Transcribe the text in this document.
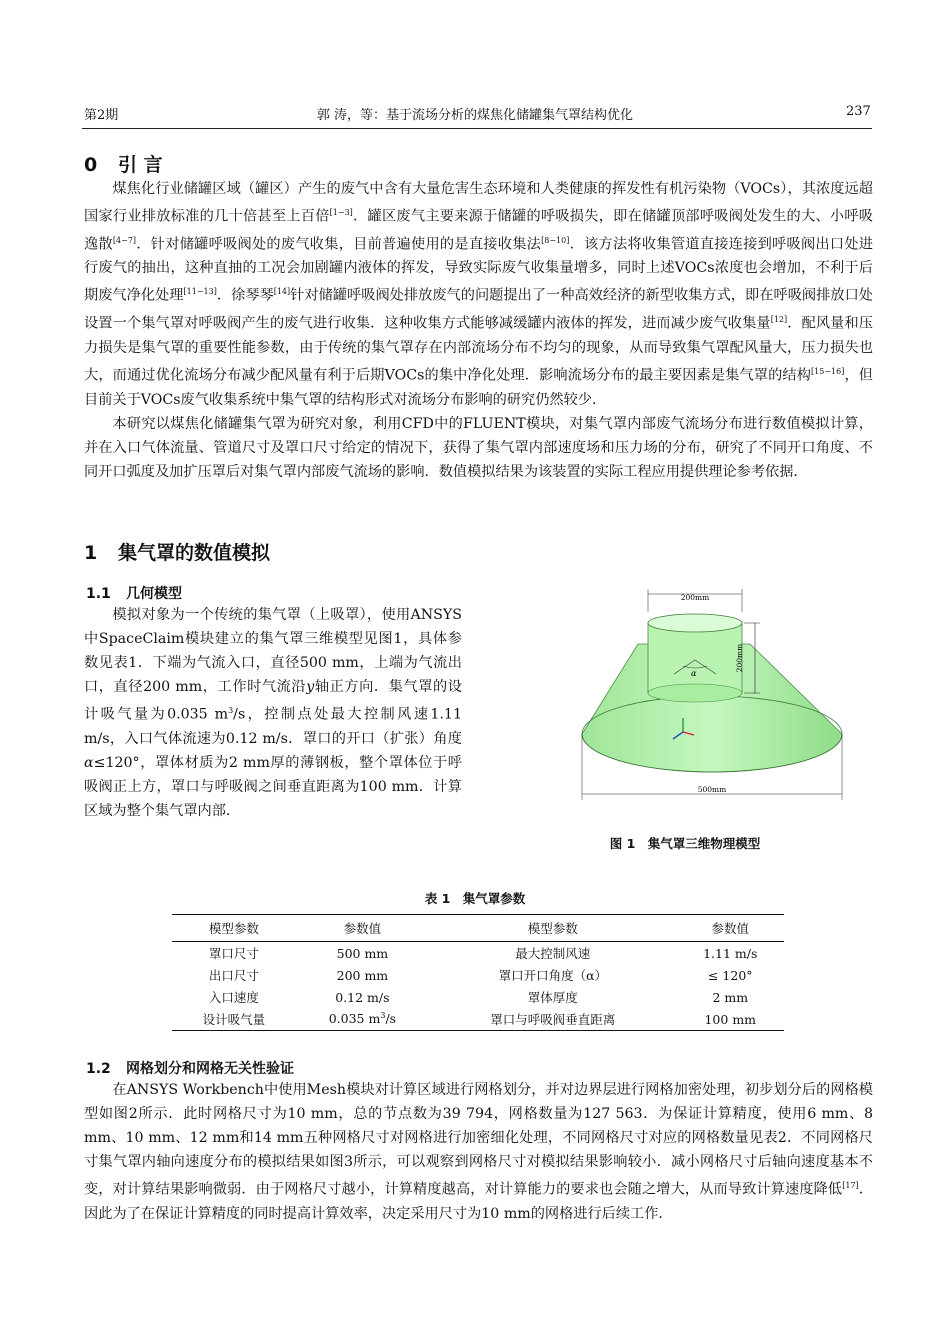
第2期	郭 涛，等：基于流场分析的煤焦化储罐集气罩结构优化	237
0 引 言

煤焦化行业储罐区域（罐区）产生的废气中含有大量危害生态环境和人类健康的挥发性有机污染物（VOCs），其浓度远超国家行业排放标准的几十倍甚至上百倍[1−3]．罐区废气主要来源于储罐的呼吸损失，即在储罐顶部呼吸阀处发生的大、小呼吸逸散[4−7]．针对储罐呼吸阀处的废气收集，目前普遍使用的是直接收集法[8−10]．该方法将收集管道直接连接到呼吸阀出口处进行废气的抽出，这种直抽的工况会加剧罐内液体的挥发，导致实际废气收集量增多，同时上述VOCs浓度也会增加，不利于后期废气净化处理[11−13]．徐琴琴[14]针对储罐呼吸阀处排放废气的问题提出了一种高效经济的新型收集方式，即在呼吸阀排放口处设置一个集气罩对呼吸阀产生的废气进行收集．这种收集方式能够减缓罐内液体的挥发，进而减少废气收集量[12]．配风量和压力损失是集气罩的重要性能参数，由于传统的集气罩存在内部流场分布不均匀的现象，从而导致集气罩配风量大，压力损失也大，而通过优化流场分布减少配风量有利于后期VOCs的集中净化处理．影响流场分布的最主要因素是集气罩的结构[15−16]，但目前关于VOCs废气收集系统中集气罩的结构形式对流场分布影响的研究仍然较少．

本研究以煤焦化储罐集气罩为研究对象，利用CFD中的FLUENT模块，对集气罩内部废气流场分布进行数值模拟计算，并在入口气体流量、管道尺寸及罩口尺寸给定的情况下，获得了集气罩内部速度场和压力场的分布，研究了不同开口角度、不同开口弧度及加扩压罩后对集气罩内部废气流场的影响．数值模拟结果为该装置的实际工程应用提供理论参考依据．

1 集气罩的数值模拟
1.1 几何模型

模拟对象为一个传统的集气罩（上吸罩），使用ANSYS中SpaceClaim模块建立的集气罩三维模型见图1，具体参数见表1．下端为气流入口，直径500 mm，上端为气流出口，直径200 mm，工作时气流沿y轴正方向．集气罩的设计吸气量为0.035 $m^3/s$，控制点处最大控制风速1.11 m/s，入口气体流速为0.12 m/s．罩口的开口（扩张）角度α≤120°，罩体材质为2 mm厚的薄钢板，整个罩体位于呼吸阀正上方，罩口与呼吸阀之间垂直距离为100 mm．计算区域为整个集气罩内部．

α
200mm
200mm
500mm
图 1　集气罩三维物理模型
表 1　集气罩参数
模型参数	参数值	模型参数	参数值
罩口尺寸	500 mm	最大控制风速	1.11 m/s
出口尺寸	200 mm	罩口开口角度（α）	≤ 120°
入口速度	0.12 m/s	罩体厚度	2 mm
设计吸气量	0.035 $m^3/s$	罩口与呼吸阀垂直距离	100 mm
1.2 网格划分和网格无关性验证

在ANSYS Workbench中使用Mesh模块对计算区域进行网格划分，并对边界层进行网格加密处理，初步划分后的网格模型如图2所示．此时网格尺寸为10 mm，总的节点数为39 794，网格数量为127 563．为保证计算精度，使用6 mm、8 mm、10 mm、12 mm和14 mm五种网格尺寸对网格进行加密细化处理，不同网格尺寸对应的网格数量见表2．不同网格尺寸集气罩内轴向速度分布的模拟结果如图3所示，可以观察到网格尺寸对模拟结果影响较小．减小网格尺寸后轴向速度基本不变，对计算结果影响微弱．由于网格尺寸越小，计算精度越高，对计算能力的要求也会随之增大，从而导致计算速度降低[17]．因此为了在保证计算精度的同时提高计算效率，决定采用尺寸为10 mm的网格进行后续工作．
